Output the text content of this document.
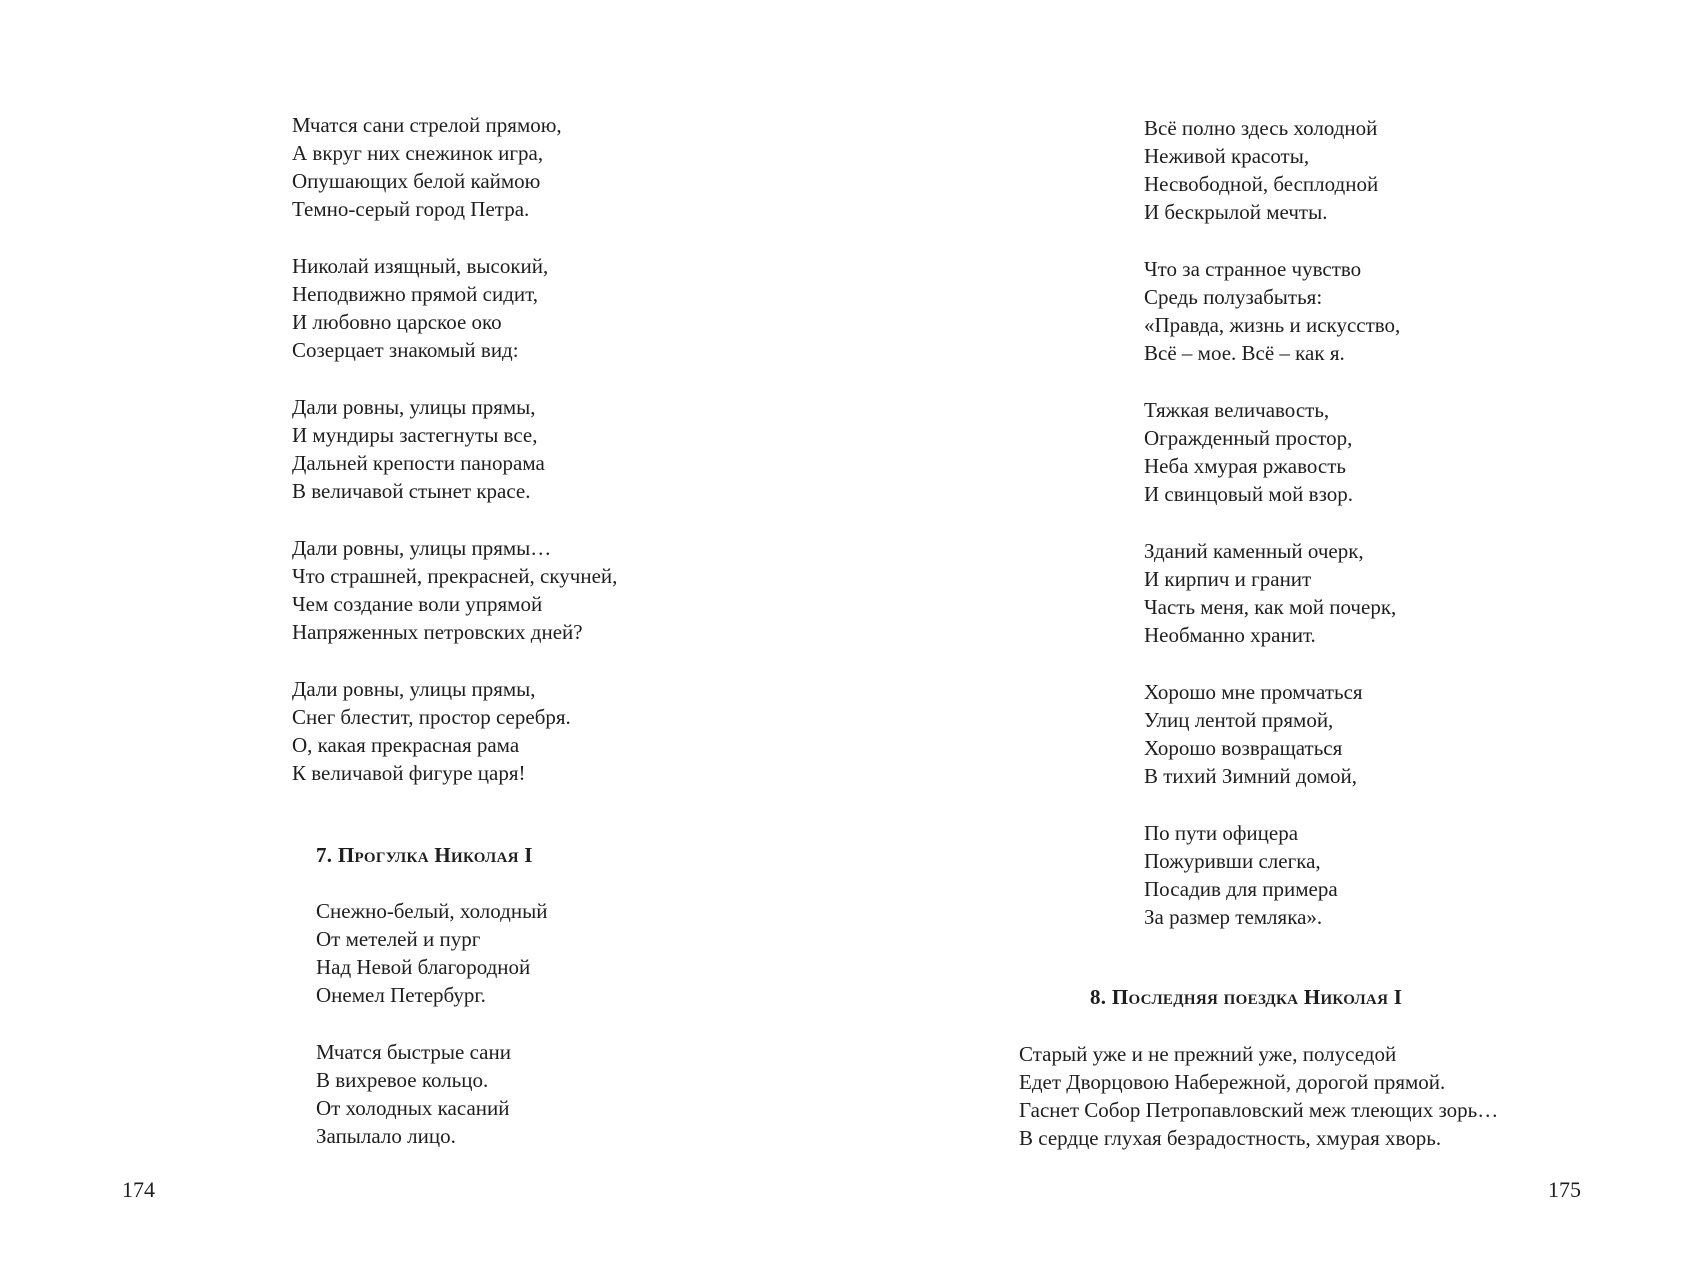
Мчатся сани стрелой прямою,
А вкруг них снежинок игра,
Опушающих белой каймою
Темно-серый город Петра.
Николай изящный, высокий,
Неподвижно прямой сидит,
И любовно царское око
Созерцает знакомый вид:
Дали ровны, улицы прямы,
И мундиры застегнуты все,
Дальней крепости панорама
В величавой стынет красе.
Дали ровны, улицы прямы…
Что страшней, прекрасней, скучней,
Чем создание воли упрямой
Напряженных петровских дней?
Дали ровны, улицы прямы,
Снег блестит, простор серебря.
О, какая прекрасная рама
К величавой фигуре царя!
7. Прогулка Николая I
Снежно-белый, холодный
От метелей и пург
Над Невой благородной
Онемел Петербург.
Мчатся быстрые сани
В вихревое кольцо.
От холодных касаний
Запылало лицо.
174
Всё полно здесь холодной
Неживой красоты,
Несвободной, бесплодной
И бескрылой мечты.
Что за странное чувство
Средь полузабытья:
«Правда, жизнь и искусство,
Всё – мое. Всё – как я.
Тяжкая величавость,
Огражденный простор,
Неба хмурая ржавость
И свинцовый мой взор.
Зданий каменный очерк,
И кирпич и гранит
Часть меня, как мой почерк,
Необманно хранит.
Хорошо мне промчаться
Улиц лентой прямой,
Хорошо возвращаться
В тихий Зимний домой,
По пути офицера
Пожуривши слегка,
Посадив для примера
За размер темляка».
8. Последняя поездка Николая I
Старый уже и не прежний уже, полуседой
Едет Дворцовою Набережной, дорогой прямой.
Гаснет Собор Петропавловский меж тлеющих зорь…
В сердце глухая безрадостность, хмурая хворь.
175
